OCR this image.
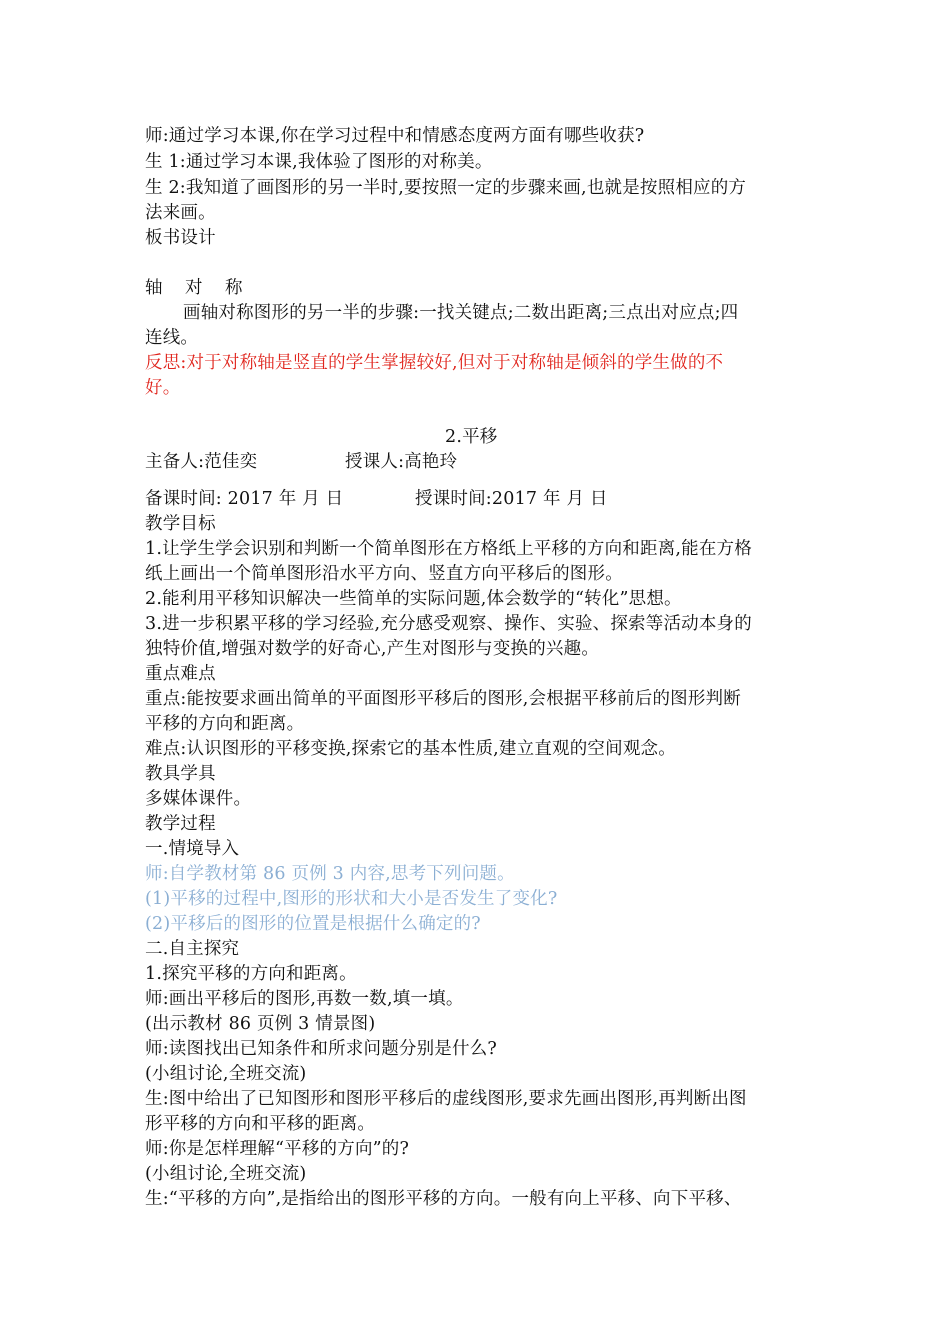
师:通过学习本课,你在学习过程中和情感态度两方面有哪些收获?
生 1:通过学习本课,我体验了图形的对称美。
生 2:我知道了画图形的另一半时,要按照一定的步骤来画,也就是按照相应的方
法来画。
板书设计
轴 对 称
画轴对称图形的另一半的步骤:一找关键点;二数出距离;三点出对应点;四
连线。
反思:对于对称轴是竖直的学生掌握较好,但对于对称轴是倾斜的学生做的不
好。
2.平移
主备人:范佳奕	授课人:高艳玲
备课时间: 2017 年 月 日	授课时间:2017 年 月 日
教学目标
1.让学生学会识别和判断一个简单图形在方格纸上平移的方向和距离,能在方格
纸上画出一个简单图形沿水平方向、竖直方向平移后的图形。
2.能利用平移知识解决一些简单的实际问题,体会数学的“转化”思想。
3.进一步积累平移的学习经验,充分感受观察、操作、实验、探索等活动本身的
独特价值,增强对数学的好奇心,产生对图形与变换的兴趣。
重点难点
重点:能按要求画出简单的平面图形平移后的图形,会根据平移前后的图形判断
平移的方向和距离。
难点:认识图形的平移变换,探索它的基本性质,建立直观的空间观念。
教具学具
多媒体课件。
教学过程
一.情境导入
师:自学教材第 86 页例 3 内容,思考下列问题。
(1)平移的过程中,图形的形状和大小是否发生了变化?
(2)平移后的图形的位置是根据什么确定的?
二.自主探究
1.探究平移的方向和距离。
师:画出平移后的图形,再数一数,填一填。
(出示教材 86 页例 3 情景图)
师:读图找出已知条件和所求问题分别是什么?
(小组讨论,全班交流)
生:图中给出了已知图形和图形平移后的虚线图形,要求先画出图形,再判断出图
形平移的方向和平移的距离。
师:你是怎样理解“平移的方向”的?
(小组讨论,全班交流)
生:“平移的方向”,是指给出的图形平移的方向。一般有向上平移、向下平移、
